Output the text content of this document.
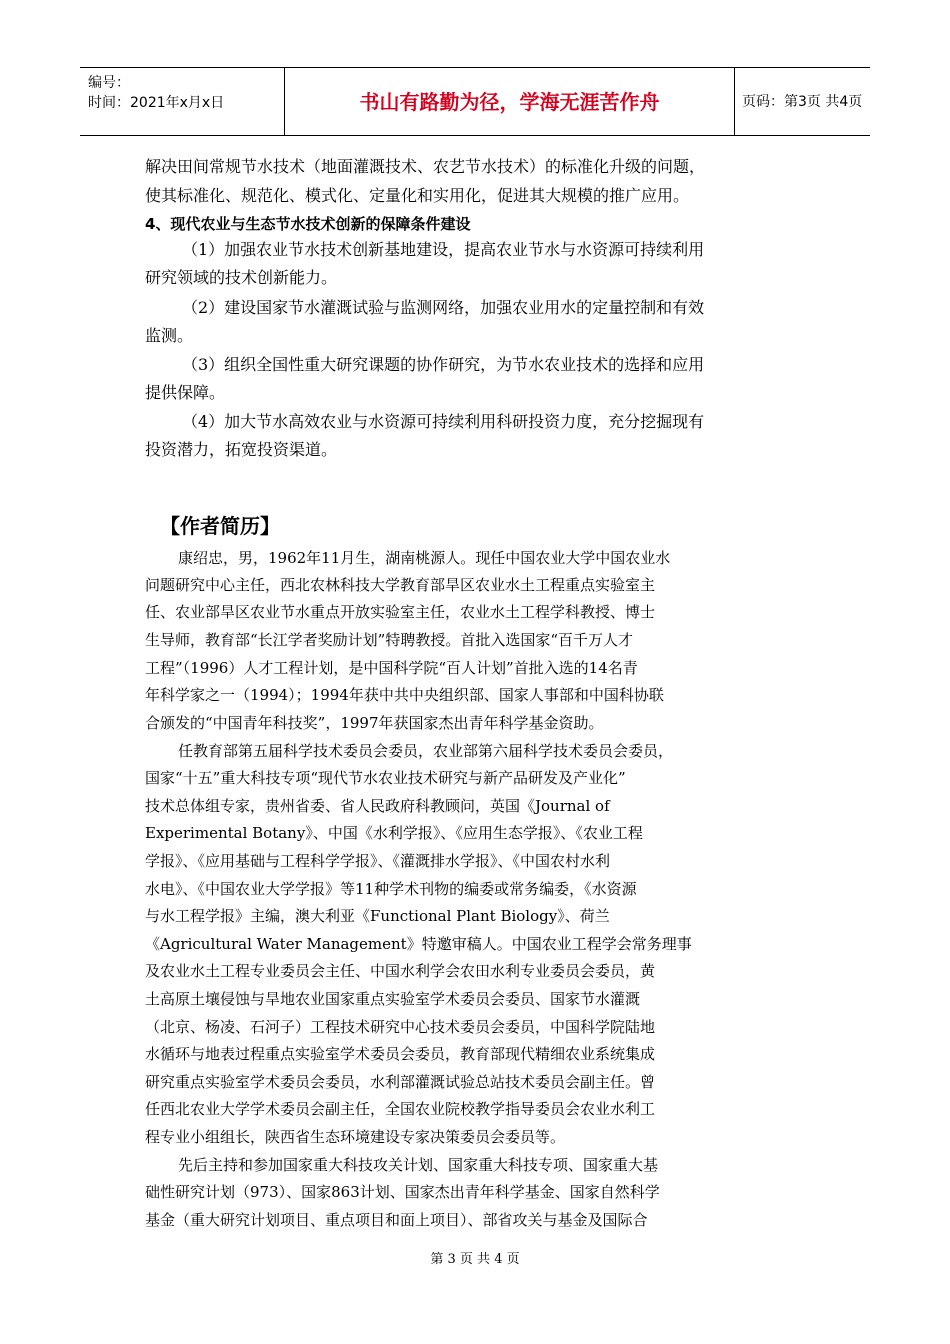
编号：
时间：2021年x月x日	书山有路勤为径，学海无涯苦作舟	页码：第3页 共4页
解决田间常规节水技术（地面灌溉技术、农艺节水技术）的标准化升级的问题，
使其标准化、规范化、模式化、定量化和实用化，促进其大规模的推广应用。
4、现代农业与生态节水技术创新的保障条件建设
（1）加强农业节水技术创新基地建设，提高农业节水与水资源可持续利用
研究领域的技术创新能力。
（2）建设国家节水灌溉试验与监测网络，加强农业用水的定量控制和有效
监测。
（3）组织全国性重大研究课题的协作研究，为节水农业技术的选择和应用
提供保障。
（4）加大节水高效农业与水资源可持续利用科研投资力度，充分挖掘现有
投资潜力，拓宽投资渠道。
【作者简历】
康绍忠，男，1962年11月生，湖南桃源人。现任中国农业大学中国农业水
问题研究中心主任，西北农林科技大学教育部旱区农业水土工程重点实验室主
任、农业部旱区农业节水重点开放实验室主任，农业水土工程学科教授、博士
生导师，教育部“长江学者奖励计划”特聘教授。首批入选国家“百千万人才
工程”（1996）人才工程计划，是中国科学院“百人计划”首批入选的14名青
年科学家之一（1994）；1994年获中共中央组织部、国家人事部和中国科协联
合颁发的“中国青年科技奖”，1997年获国家杰出青年科学基金资助。
任教育部第五届科学技术委员会委员，农业部第六届科学技术委员会委员，
国家“十五”重大科技专项“现代节水农业技术研究与新产品研发及产业化”
技术总体组专家，贵州省委、省人民政府科教顾问，英国《Journal of
Experimental Botany》、中国《水利学报》、《应用生态学报》、《农业工程
学报》、《应用基础与工程科学学报》、《灌溉排水学报》、《中国农村水利
水电》、《中国农业大学学报》等11种学术刊物的编委或常务编委，《水资源
与水工程学报》主编，澳大利亚《Functional Plant Biology》、荷兰
《Agricultural Water Management》特邀审稿人。中国农业工程学会常务理事
及农业水土工程专业委员会主任、中国水利学会农田水利专业委员会委员，黄
土高原土壤侵蚀与旱地农业国家重点实验室学术委员会委员、国家节水灌溉
（北京、杨凌、石河子）工程技术研究中心技术委员会委员，中国科学院陆地
水循环与地表过程重点实验室学术委员会委员，教育部现代精细农业系统集成
研究重点实验室学术委员会委员，水利部灌溉试验总站技术委员会副主任。曾
任西北农业大学学术委员会副主任，全国农业院校教学指导委员会农业水利工
程专业小组组长，陕西省生态环境建设专家决策委员会委员等。
先后主持和参加国家重大科技攻关计划、国家重大科技专项、国家重大基
础性研究计划（973）、国家863计划、国家杰出青年科学基金、国家自然科学
基金（重大研究计划项目、重点项目和面上项目）、部省攻关与基金及国际合
第 3 页 共 4 页
